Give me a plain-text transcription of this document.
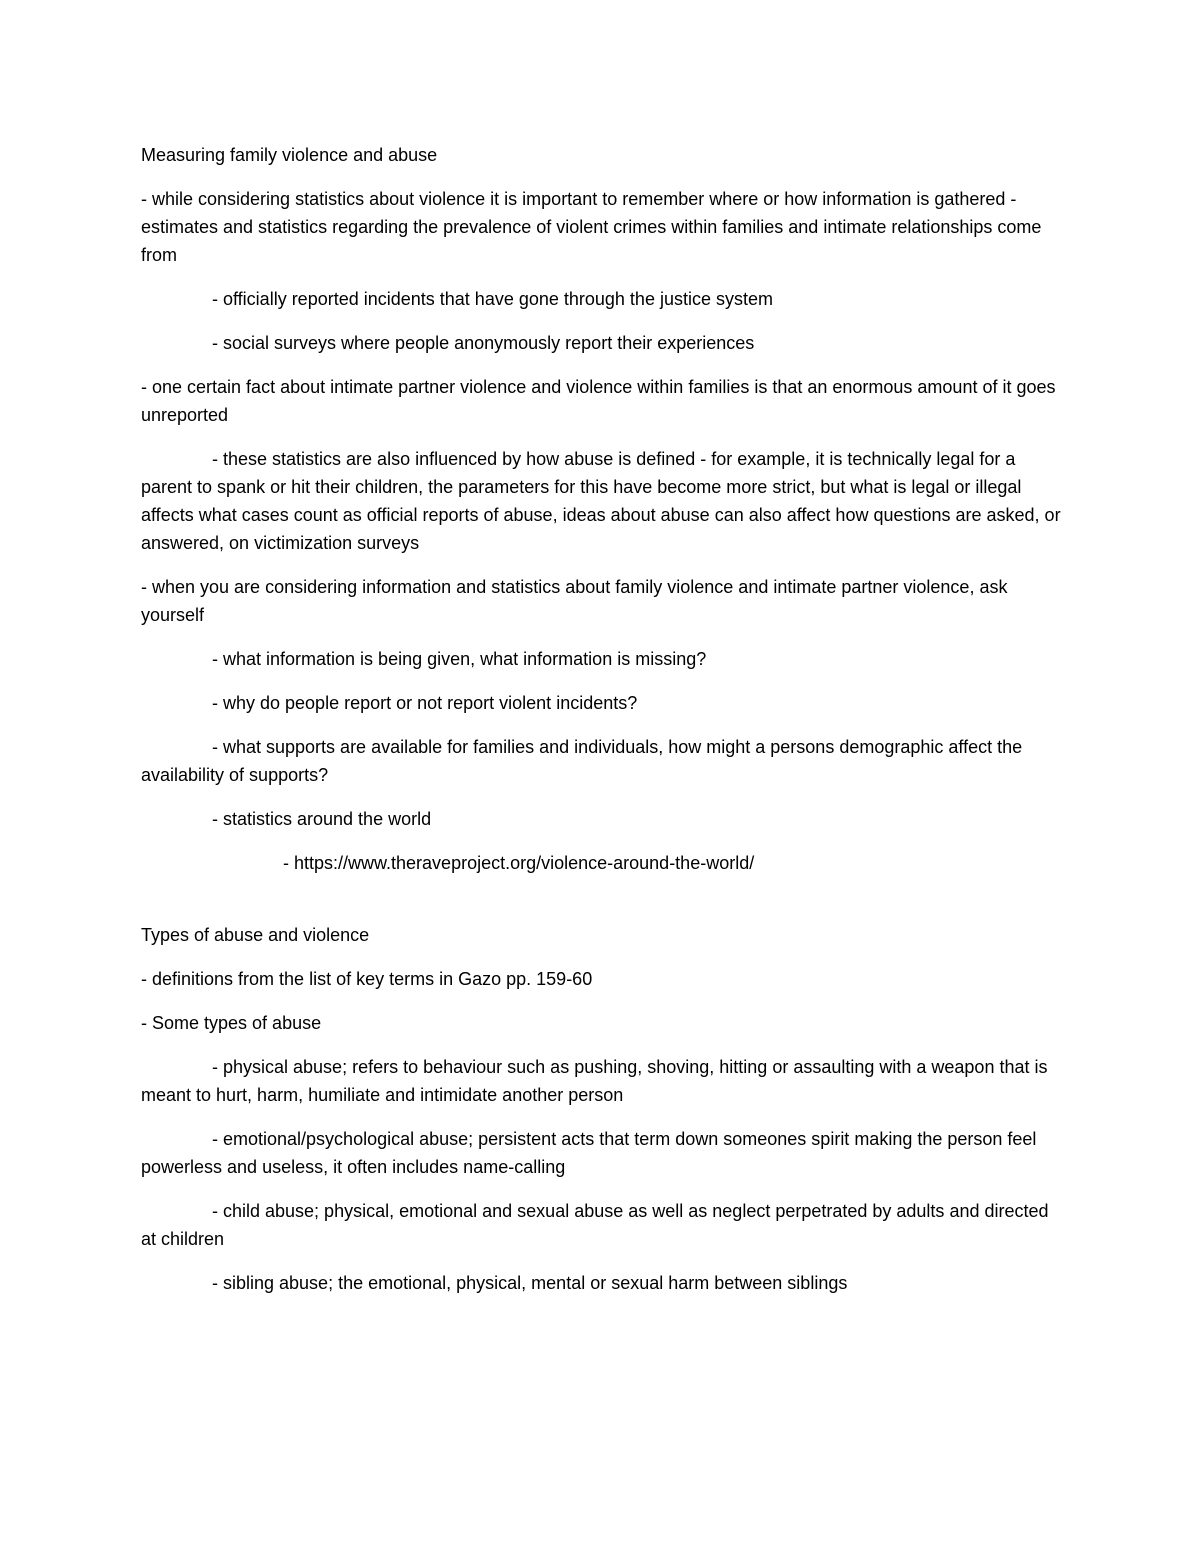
Measuring family violence and abuse

- while considering statistics about violence it is important to remember where or how information is gathered - estimates and statistics regarding the prevalence of violent crimes within families and intimate relationships come from

- officially reported incidents that have gone through the justice system

- social surveys where people anonymously report their experiences

- one certain fact about intimate partner violence and violence within families is that an enormous amount of it goes unreported

- these statistics are also influenced by how abuse is defined - for example, it is technically legal for a parent to spank or hit their children, the parameters for this have become more strict, but what is legal or illegal affects what cases count as official reports of abuse, ideas about abuse can also affect how questions are asked, or answered, on victimization surveys

- when you are considering information and statistics about family violence and intimate partner violence, ask yourself

- what information is being given, what information is missing?

- why do people report or not report violent incidents?

- what supports are available for families and individuals, how might a persons demographic affect the availability of supports?

- statistics around the world

- https://www.theraveproject.org/violence-around-the-world/

Types of abuse and violence

- definitions from the list of key terms in Gazo pp. 159-60

- Some types of abuse

- physical abuse; refers to behaviour such as pushing, shoving, hitting or assaulting with a weapon that is meant to hurt, harm, humiliate and intimidate another person

- emotional/psychological abuse; persistent acts that term down someones spirit making the person feel powerless and useless, it often includes name-calling

- child abuse; physical, emotional and sexual abuse as well as neglect perpetrated by adults and directed at children

- sibling abuse; the emotional, physical, mental or sexual harm between siblings
